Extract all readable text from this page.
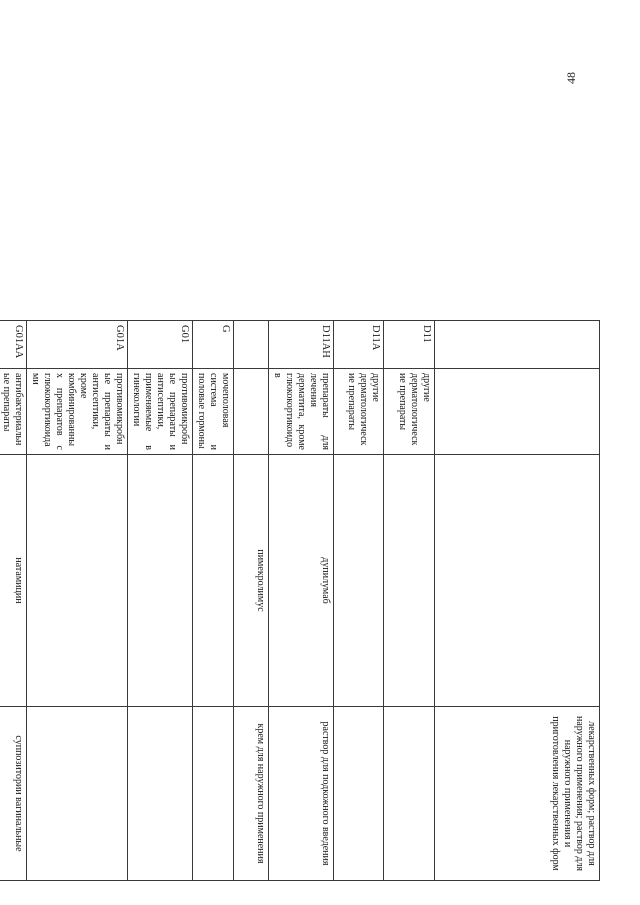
48
			лекарственных форм; раствор для наружного применения; раствор для наружного применения и приготовления лекарственных форм
D11	другие дерматологические препараты		
D11A	другие дерматологические препараты		
D11AH	препараты для лечения дерматита, кроме глюкокортикоидов	дупилумаб	раствор для подкожного введения
		пимекролимус	крем для наружного применения
G	мочеполовая система и половые гормоны		
G01	противомикробные препараты и антисептики, применяемые в гинекологии		
G01A	противомикробные препараты и антисептики, кроме комбинированных препаратов с глюкокортикоидами		
G01AA	антибактериальные препараты	натамицин	суппозитории вагинальные
